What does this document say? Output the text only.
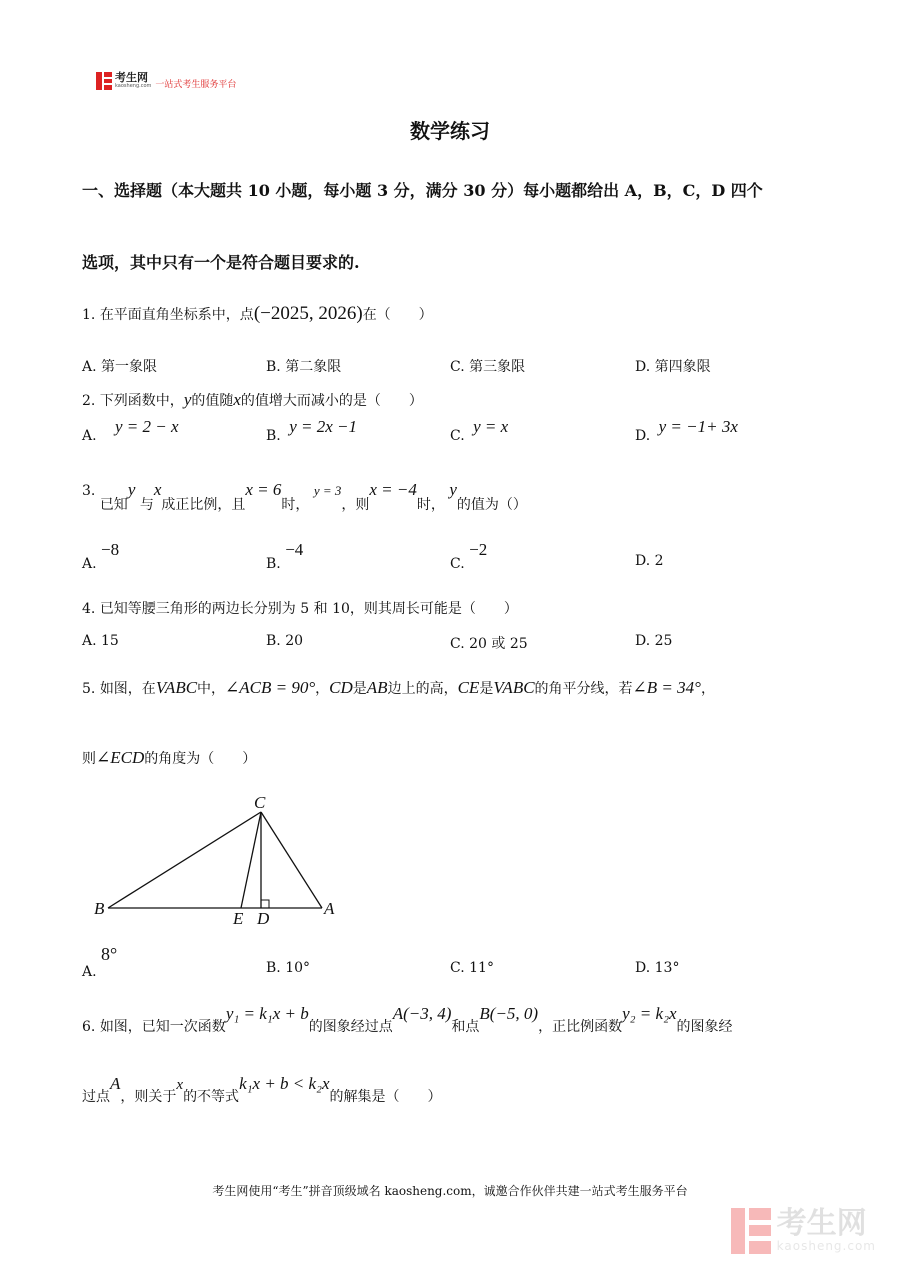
考生网
kaosheng.com 一站式考生服务平台
数学练习
一、选择题（本大题共 10 小题，每小题 3 分，满分 30 分）每小题都给出 A，B，C，D 四个
选项，其中只有一个是符合题目要求的.
1. 在平面直角坐标系中，点(−2025, 2026)在（　　）
A. 第一象限	B. 第二象限	C. 第三象限	D. 第四象限
2. 下列函数中，y的值随x的值增大而减小的是（　　）
A. y = 2 − x	B. y = 2x −1	C. y = x	D. y = −1+ 3x
3. 已知y 与x成正比例，且x = 6时， y = 3，则x = −4时， y的值为（）
A. −8
B. −4
C. −2
D. 2
4. 已知等腰三角形的两边长分别为 5 和 10，则其周长可能是（　　）
A. 15	B. 20	C. 20 或 25	D. 25
5. 如图，在VABC中，∠ACB = 90°，CD是AB边上的高，CE是VABC的角平分线，若∠B = 34°，
则∠ECD的角度为（　　）
C
B
E D
A
A. 8°
B. 10°	C. 11°	D. 13°
6. 如图，已知一次函数y₁ = k₁x + b的图象经过点A(−3, 4)和点B(−5, 0)，正比例函数y₂ = k₂x的图象经
过点A，则关于x的不等式k₁x + b < k₂x的解集是（　　）
考生网使用“考生”拼音顶级域名 kaosheng.com，诚邀合作伙伴共建一站式考生服务平台
考生网
kaosheng.com
